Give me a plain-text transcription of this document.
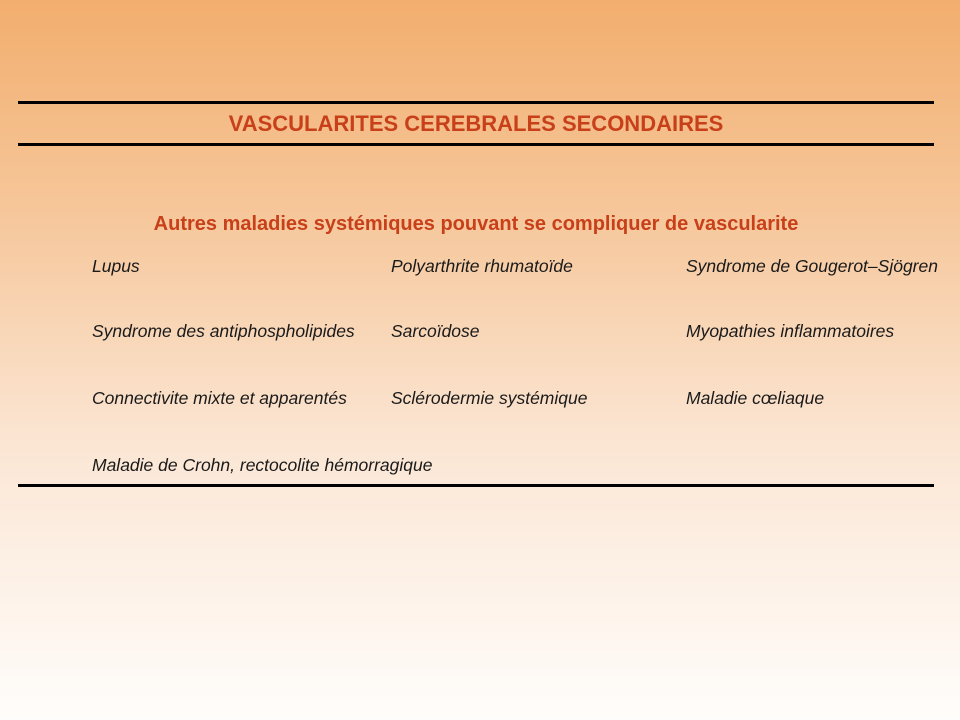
VASCULARITES CEREBRALES SECONDAIRES
Autres maladies systémiques pouvant se compliquer de vascularite
Lupus	Polyarthrite rhumatoïde	Syndrome de Gougerot–Sjögren
Syndrome des antiphospholipides	Sarcoïdose	Myopathies inflammatoires
Connectivite mixte et apparentés	Sclérodermie systémique	Maladie cœliaque
Maladie de Crohn, rectocolite hémorragique
